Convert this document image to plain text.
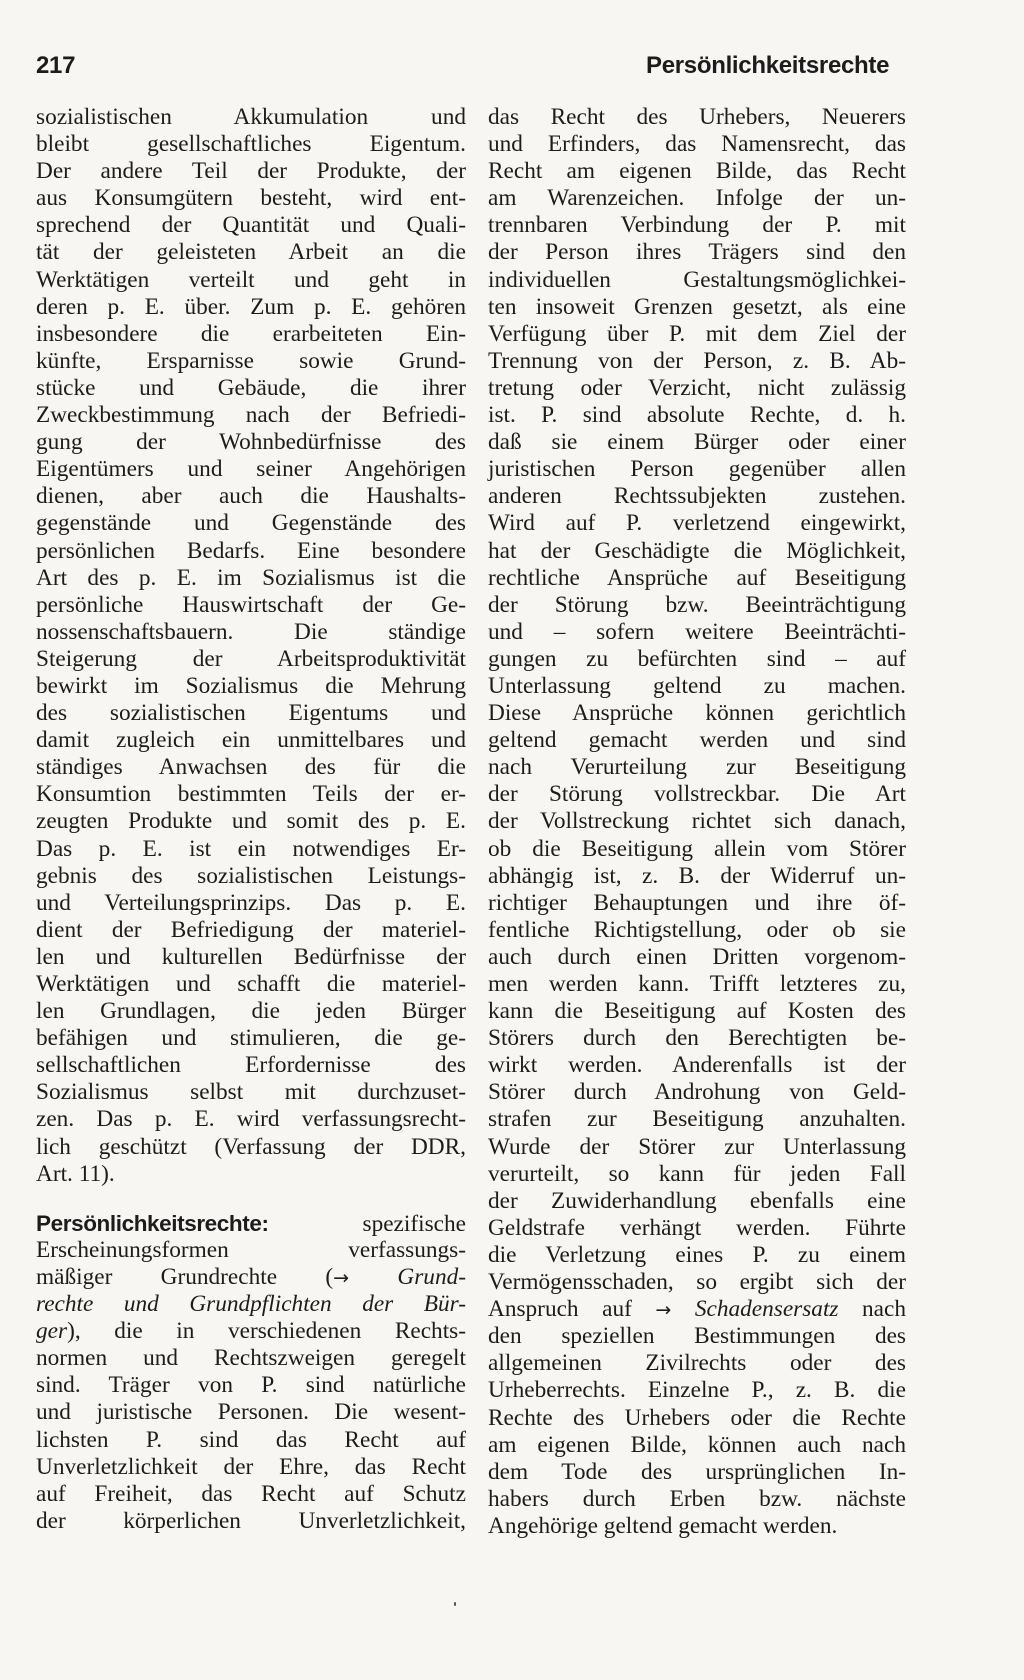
217	Persönlichkeitsrechte
sozialistischen Akkumulation und
bleibt gesellschaftliches Eigentum.
Der andere Teil der Produkte, der
aus Konsumgütern besteht, wird ent-
sprechend der Quantität und Quali-
tät der geleisteten Arbeit an die
Werktätigen verteilt und geht in
deren p. E. über. Zum p. E. gehören
insbesondere die erarbeiteten Ein-
künfte, Ersparnisse sowie Grund-
stücke und Gebäude, die ihrer
Zweckbestimmung nach der Befriedi-
gung der Wohnbedürfnisse des
Eigentümers und seiner Angehörigen
dienen, aber auch die Haushalts-
gegenstände und Gegenstände des
persönlichen Bedarfs. Eine besondere
Art des p. E. im Sozialismus ist die
persönliche Hauswirtschaft der Ge-
nossenschaftsbauern. Die ständige
Steigerung der Arbeitsproduktivität
bewirkt im Sozialismus die Mehrung
des sozialistischen Eigentums und
damit zugleich ein unmittelbares und
ständiges Anwachsen des für die
Konsumtion bestimmten Teils der er-
zeugten Produkte und somit des p. E.
Das p. E. ist ein notwendiges Er-
gebnis des sozialistischen Leistungs-
und Verteilungsprinzips. Das p. E.
dient der Befriedigung der materiel-
len und kulturellen Bedürfnisse der
Werktätigen und schafft die materiel-
len Grundlagen, die jeden Bürger
befähigen und stimulieren, die ge-
sellschaftlichen Erfordernisse des
Sozialismus selbst mit durchzuset-
zen. Das p. E. wird verfassungsrecht-
lich geschützt (Verfassung der DDR,
Art. 11).
Persönlichkeitsrechte:	spezifische
Erscheinungsformen verfassungs-
mäßiger Grundrechte (→ Grund-
rechte und Grundpflichten der Bür-
ger), die in verschiedenen Rechts-
normen und Rechtszweigen geregelt
sind. Träger von P. sind natürliche
und juristische Personen. Die wesent-
lichsten P. sind das Recht auf
Unverletzlichkeit der Ehre, das Recht
auf Freiheit, das Recht auf Schutz
der körperlichen Unverletzlichkeit,
das Recht des Urhebers, Neuerers
und Erfinders, das Namensrecht, das
Recht am eigenen Bilde, das Recht
am Warenzeichen. Infolge der un-
trennbaren Verbindung der P. mit
der Person ihres Trägers sind den
individuellen Gestaltungsmöglichkei-
ten insoweit Grenzen gesetzt, als eine
Verfügung über P. mit dem Ziel der
Trennung von der Person, z. B. Ab-
tretung oder Verzicht, nicht zulässig
ist. P. sind absolute Rechte, d. h.
daß sie einem Bürger oder einer
juristischen Person gegenüber allen
anderen Rechtssubjekten zustehen.
Wird auf P. verletzend eingewirkt,
hat der Geschädigte die Möglichkeit,
rechtliche Ansprüche auf Beseitigung
der Störung bzw. Beeinträchtigung
und – sofern weitere Beeinträchti-
gungen zu befürchten sind – auf
Unterlassung geltend zu machen.
Diese Ansprüche können gerichtlich
geltend gemacht werden und sind
nach Verurteilung zur Beseitigung
der Störung vollstreckbar. Die Art
der Vollstreckung richtet sich danach,
ob die Beseitigung allein vom Störer
abhängig ist, z. B. der Widerruf un-
richtiger Behauptungen und ihre öf-
fentliche Richtigstellung, oder ob sie
auch durch einen Dritten vorgenom-
men werden kann. Trifft letzteres zu,
kann die Beseitigung auf Kosten des
Störers durch den Berechtigten be-
wirkt werden. Anderenfalls ist der
Störer durch Androhung von Geld-
strafen zur Beseitigung anzuhalten.
Wurde der Störer zur Unterlassung
verurteilt, so kann für jeden Fall
der Zuwiderhandlung ebenfalls eine
Geldstrafe verhängt werden. Führte
die Verletzung eines P. zu einem
Vermögensschaden, so ergibt sich der
Anspruch auf → Schadensersatz nach
den speziellen Bestimmungen des
allgemeinen Zivilrechts oder des
Urheberrechts. Einzelne P., z. B. die
Rechte des Urhebers oder die Rechte
am eigenen Bilde, können auch nach
dem Tode des ursprünglichen In-
habers durch Erben bzw. nächste
Angehörige geltend gemacht werden.
